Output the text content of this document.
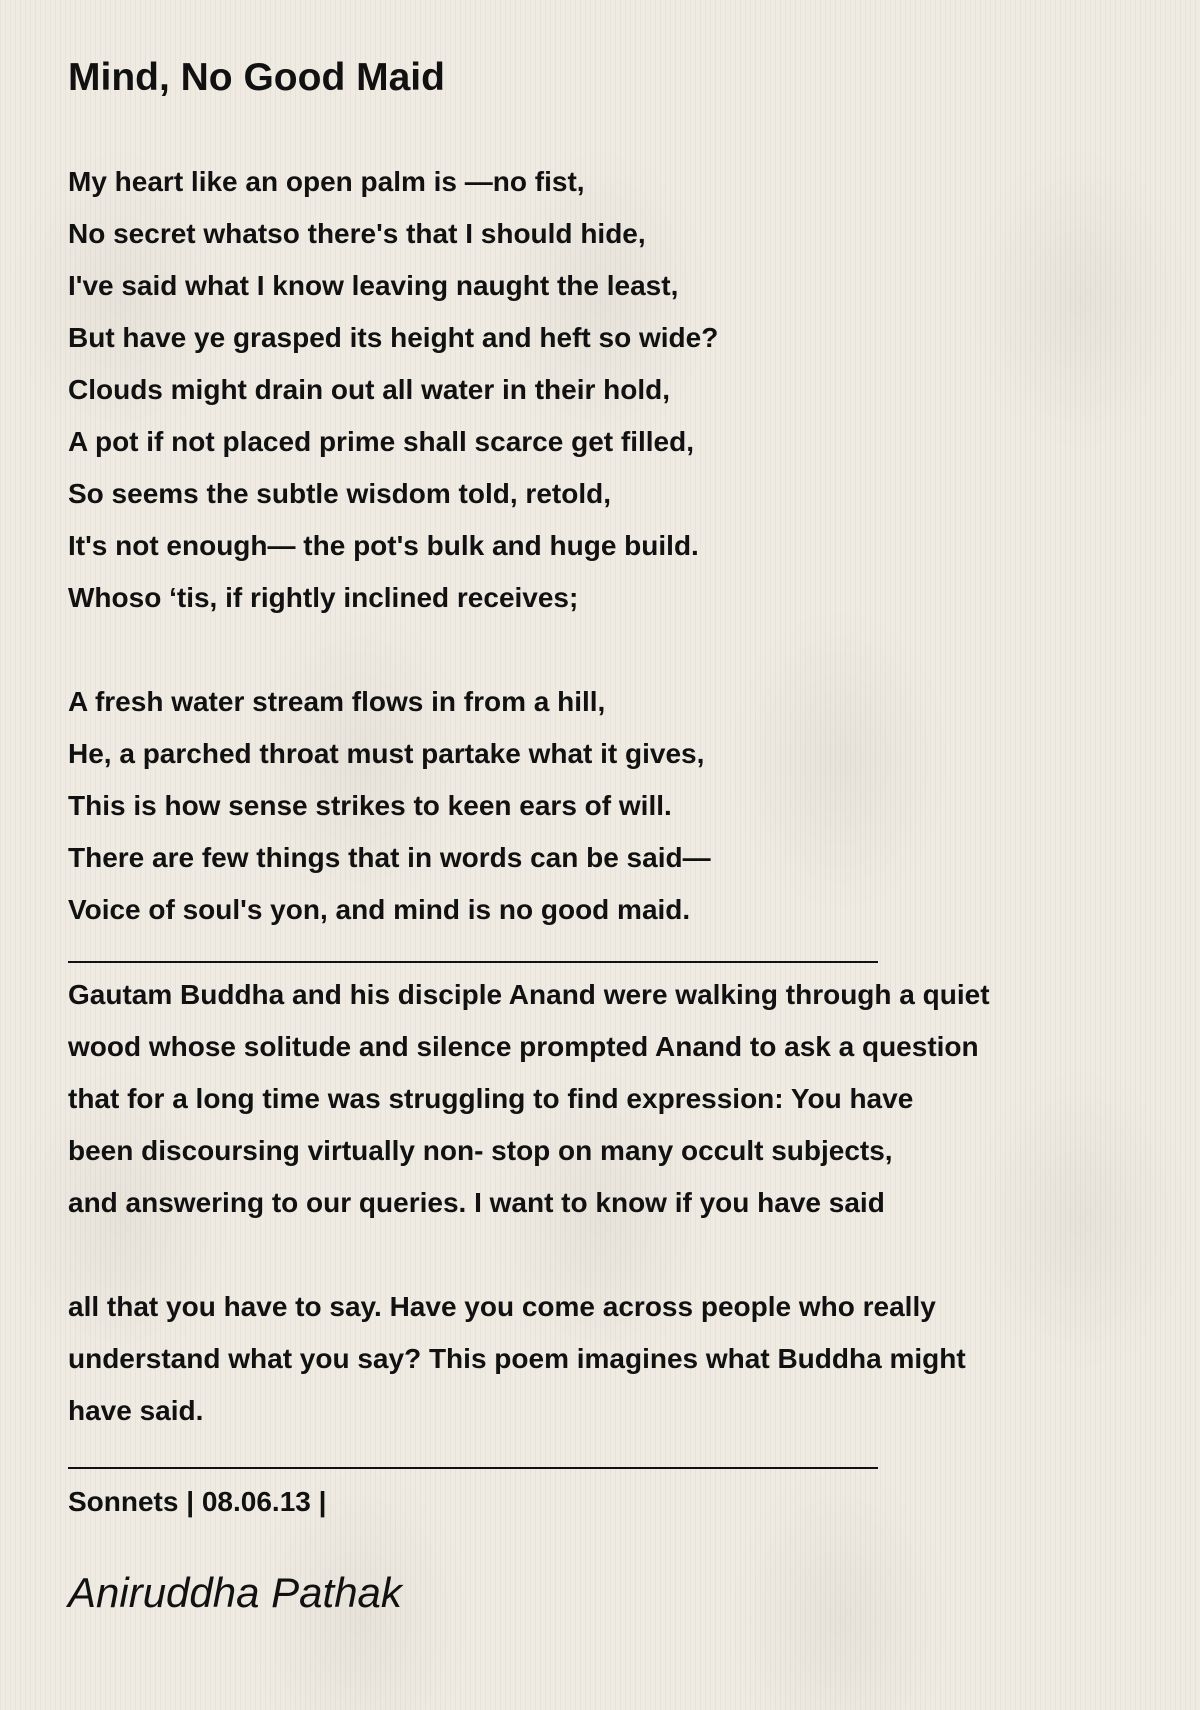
Mind, No Good Maid
My heart like an open palm is —no fist,
No secret whatso there's that I should hide,
I've said what I know leaving naught the least,
But have ye grasped its height and heft so wide?
Clouds might drain out all water in their hold,
A pot if not placed prime shall scarce get filled,
So seems the subtle wisdom told, retold,
It's not enough— the pot's bulk and huge build.
Whoso ‘tis, if rightly inclined receives;
A fresh water stream flows in from a hill,
He, a parched throat must partake what it gives,
This is how sense strikes to keen ears of will.
There are few things that in words can be said—
Voice of soul's yon, and mind is no good maid.
Gautam Buddha and his disciple Anand were walking through a quiet
wood whose solitude and silence prompted Anand to ask a question
that for a long time was struggling to find expression: You have
been discoursing virtually non- stop on many occult subjects,
and answering to our queries. I want to know if you have said
all that you have to say. Have you come across people who really
understand what you say? This poem imagines what Buddha might
have said.
Sonnets | 08.06.13 |
Aniruddha Pathak
